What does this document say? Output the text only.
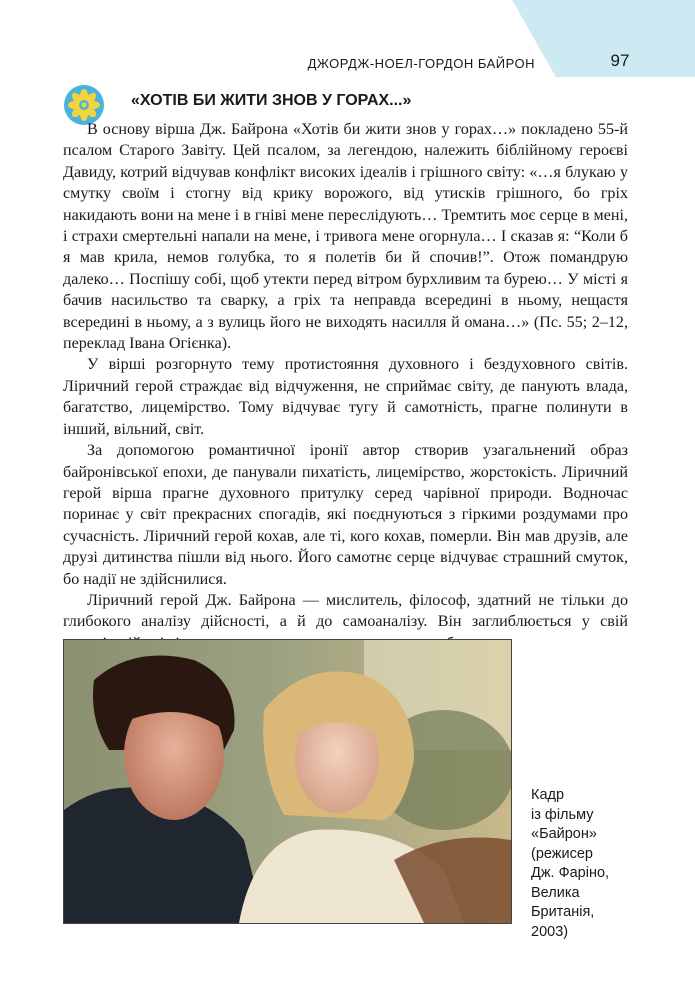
ДЖОРДЖ-НОЕЛ-ГОРДОН БАЙРОН	97
«ХОТІВ БИ ЖИТИ ЗНОВ У ГОРАХ...»

В основу вірша Дж. Байрона «Хотів би жити знов у горах…» покладено 55-й псалом Старого Завіту. Цей псалом, за легендою, належить біблійному героєві Давиду, котрий відчував конфлікт високих ідеалів і грішного світу: «…я блукаю у смутку своїм і стогну від крику ворожого, від утисків грішного, бо гріх накидають вони на мене і в гніві мене переслідують… Тремтить моє серце в мені, і страхи смертельні напали на мене, і тривога мене огорнула… І сказав я: “Коли б я мав крила, немов голубка, то я полетів би й спочив!”. Отож помандрую далеко… Поспішу собі, щоб утекти перед вітром бурхливим та бурею… У місті я бачив насильство та сварку, а гріх та неправда всередині в ньому, нещастя всередині в ньому, а з вулиць його не виходять насилля й омана…» (Пс. 55; 2–12, переклад Івана Огієнка).

У вірші розгорнуто тему протистояння духовного і бездуховного світів. Ліричний герой страждає від відчуження, не сприймає світу, де панують влада, багатство, лицемірство. Тому відчуває тугу й самотність, прагне полинути в інший, вільний, світ.

За допомогою романтичної іронії автор створив узагальнений образ байронівської епохи, де панували пихатість, лицемірство, жорстокість. Ліричний герой вірша прагне духовного притулку серед чарівної природи. Водночас поринає у світ прекрасних спогадів, які поєднуються з гіркими роздумами про сучасність. Ліричний герой кохав, але ті, кого кохав, померли. Він мав друзів, але друзі дитинства пішли від нього. Його самотнє серце відчуває страшний смуток, бо надії не здійснилися.

Ліричний герой Дж. Байрона — мислитель, філософ, здатний не тільки до глибокого аналізу дійсності, а й до самоаналізу. Він заглиблюється у свій

Кадр
із фільму
«Байрон»
(режисер
Дж. Фаріно,
Велика
Британія,
2003)
